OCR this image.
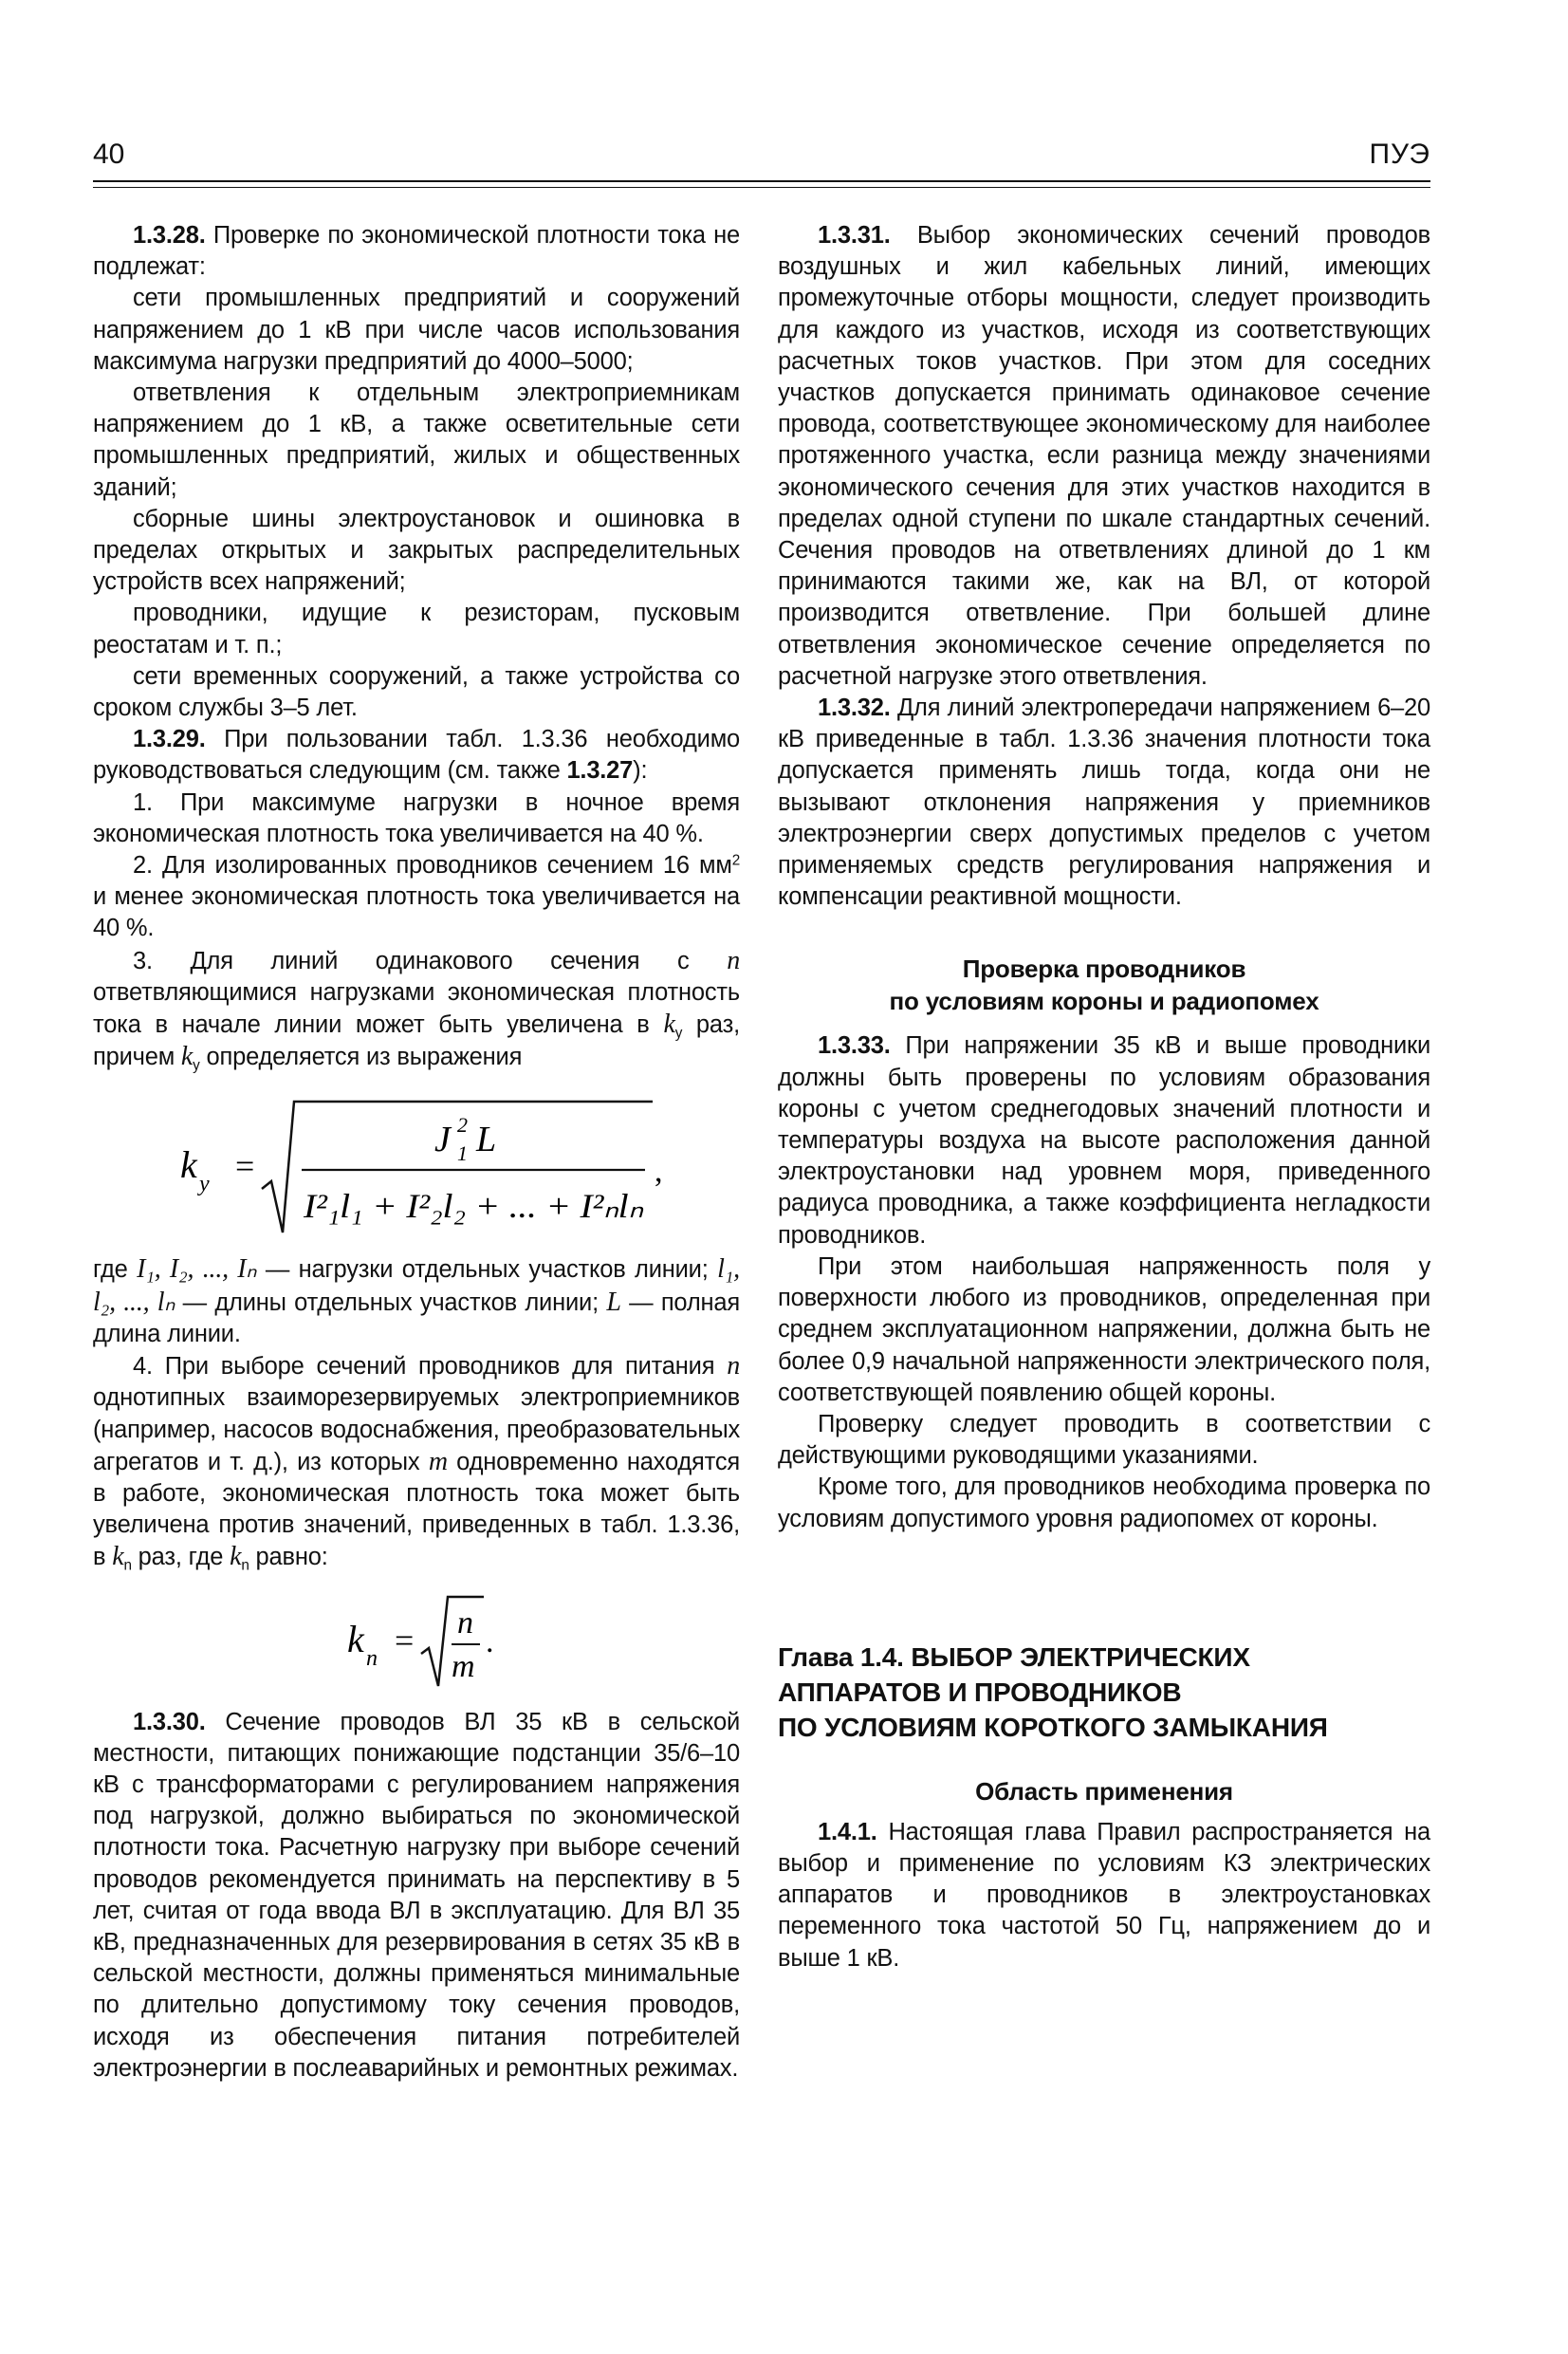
40	ПУЭ

1.3.28. Проверке по экономической плотности тока не подлежат:

сети промышленных предприятий и сооружений напряжением до 1 кВ при числе часов использования максимума нагрузки предприятий до 4000–5000;

ответвления к отдельным электроприемникам напряжением до 1 кВ, а также осветительные сети промышленных предприятий, жилых и общественных зданий;

сборные шины электроустановок и ошиновка в пределах открытых и закрытых распределительных устройств всех напряжений;

проводники, идущие к резисторам, пусковым реостатам и т. п.;

сети временных сооружений, а также устройства со сроком службы 3–5 лет.

1.3.29. При пользовании табл. 1.3.36 необходимо руководствоваться следующим (см. также 1.3.27):

1. При максимуме нагрузки в ночное время экономическая плотность тока увеличивается на 40 %.

2. Для изолированных проводников сечением 16 $мм^2$ и менее экономическая плотность тока увеличивается на 40 %.

3. Для линий одинакового сечения с n ответвляющимися нагрузками экономическая плотность тока в начале линии может быть увеличена в $k_у$ раз, причем $k_у$ определяется из выражения

k у =
J 2
1 L
I²₁l₁ + I²₂l₂ + ... + I²ₙlₙ
,

где I₁, I₂, ..., Iₙ — нагрузки отдельных участков линии; l₁, l₂, ..., lₙ — длины отдельных участков линии; L — полная длина линии.

4. При выборе сечений проводников для питания n однотипных взаиморезервируемых электроприемников (например, насосов водоснабжения, преобразовательных агрегатов и т. д.), из которых m одновременно находятся в работе, экономическая плотность тока может быть увеличена против значений, приведенных в табл. 1.3.36, в $k_n$ раз, где $k_n$ равно:

k n = n
m
.

1.3.30. Сечение проводов ВЛ 35 кВ в сельской местности, питающих понижающие подстанции 35/6–10 кВ с трансформаторами с регулированием напряжения под нагрузкой, должно выбираться по экономической плотности тока. Расчетную нагрузку при выборе сечений проводов рекомендуется принимать на перспективу в 5 лет, считая от года ввода ВЛ в эксплуатацию. Для ВЛ 35 кВ, предназначенных для резервирования в сетях 35 кВ в сельской местности, должны применяться минимальные по длительно допустимому току сечения проводов, исходя из обеспечения питания потребителей электроэнергии в послеаварийных и ремонтных режимах.

1.3.31. Выбор экономических сечений проводов воздушных и жил кабельных линий, имеющих промежуточные отборы мощности, следует производить для каждого из участков, исходя из соответствующих расчетных токов участков. При этом для соседних участков допускается принимать одинаковое сечение провода, соответствующее экономическому для наиболее протяженного участка, если разница между значениями экономического сечения для этих участков находится в пределах одной ступени по шкале стандартных сечений. Сечения проводов на ответвлениях длиной до 1 км принимаются такими же, как на ВЛ, от которой производится ответвление. При большей длине ответвления экономическое сечение определяется по расчетной нагрузке этого ответвления.

1.3.32. Для линий электропередачи напряжением 6–20 кВ приведенные в табл. 1.3.36 значения плотности тока допускается применять лишь тогда, когда они не вызывают отклонения напряжения у приемников электроэнергии сверх допустимых пределов с учетом применяемых средств регулирования напряжения и компенсации реактивной мощности.

Проверка проводников
по условиям короны и радиопомех

1.3.33. При напряжении 35 кВ и выше проводники должны быть проверены по условиям образования короны с учетом среднегодовых значений плотности и температуры воздуха на высоте расположения данной электроустановки над уровнем моря, приведенного радиуса проводника, а также коэффициента негладкости проводников.

При этом наибольшая напряженность поля у поверхности любого из проводников, определенная при среднем эксплуатационном напряжении, должна быть не более 0,9 начальной напряженности электрического поля, соответствующей появлению общей короны.

Проверку следует проводить в соответствии с действующими руководящими указаниями.

Кроме того, для проводников необходима проверка по условиям допустимого уровня радиопомех от короны.

Глава 1.4. ВЫБОР ЭЛЕКТРИЧЕСКИХ
АППАРАТОВ И ПРОВОДНИКОВ
ПО УСЛОВИЯМ КОРОТКОГО ЗАМЫКАНИЯ
Область применения

1.4.1. Настоящая глава Правил распространяется на выбор и применение по условиям КЗ электрических аппаратов и проводников в электроустановках переменного тока частотой 50 Гц, напряжением до и выше 1 кВ.
